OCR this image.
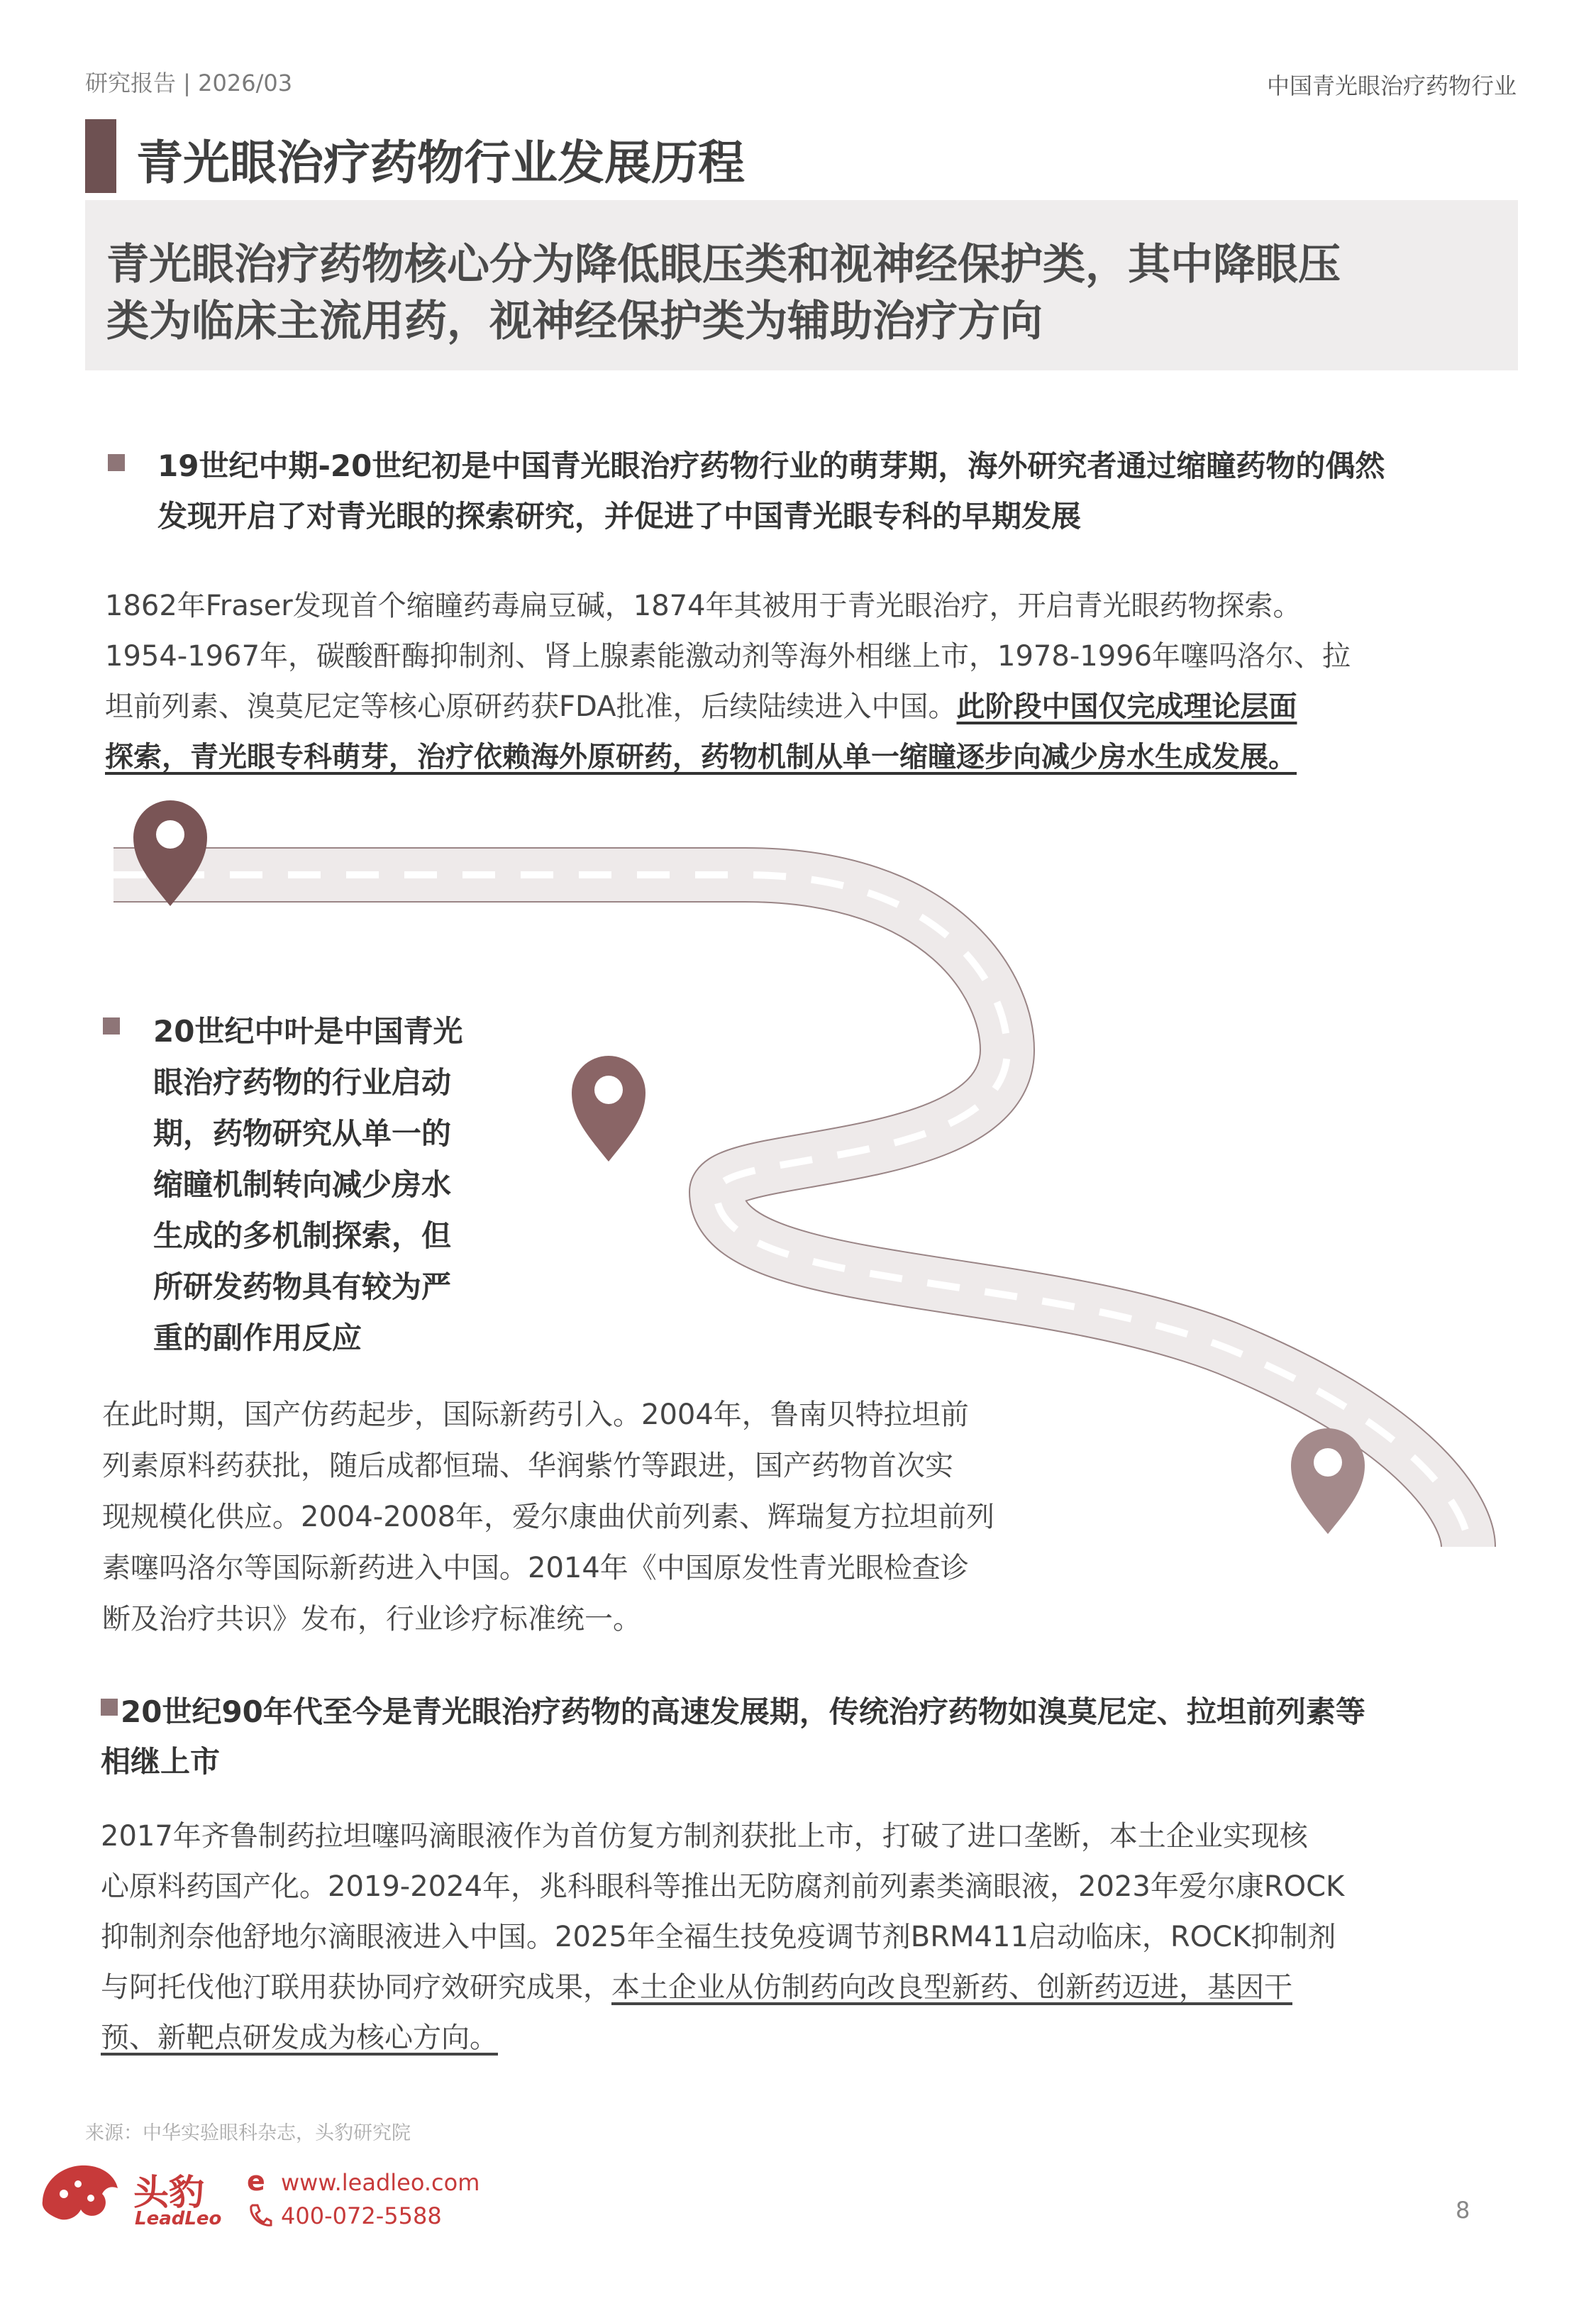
研究报告 | 2026/03	中国青光眼治疗药物行业
青光眼治疗药物行业发展历程
青光眼治疗药物核心分为降低眼压类和视神经保护类，其中降眼压
类为临床主流用药，视神经保护类为辅助治疗方向
19世纪中期-20世纪初是中国青光眼治疗药物行业的萌芽期，海外研究者通过缩瞳药物的偶然
发现开启了对青光眼的探索研究，并促进了中国青光眼专科的早期发展
1862年Fraser发现首个缩瞳药毒扁豆碱，1874年其被用于青光眼治疗，开启青光眼药物探索。
1954-1967年，碳酸酐酶抑制剂、肾上腺素能激动剂等海外相继上市，1978-1996年噻吗洛尔、拉
坦前列素、溴莫尼定等核心原研药获FDA批准，后续陆续进入中国。此阶段中国仅完成理论层面
探索，青光眼专科萌芽，治疗依赖海外原研药，药物机制从单一缩瞳逐步向减少房水生成发展。
20世纪中叶是中国青光
眼治疗药物的行业启动
期，药物研究从单一的
缩瞳机制转向减少房水
生成的多机制探索，但
所研发药物具有较为严
重的副作用反应
在此时期，国产仿药起步，国际新药引入。2004年，鲁南贝特拉坦前
列素原料药获批，随后成都恒瑞、华润紫竹等跟进，国产药物首次实
现规模化供应。2004-2008年，爱尔康曲伏前列素、辉瑞复方拉坦前列
素噻吗洛尔等国际新药进入中国。2014年《中国原发性青光眼检查诊
断及治疗共识》发布，行业诊疗标准统一。
20世纪90年代至今是青光眼治疗药物的高速发展期，传统治疗药物如溴莫尼定、拉坦前列素等
相继上市
2017年齐鲁制药拉坦噻吗滴眼液作为首仿复方制剂获批上市，打破了进口垄断，本土企业实现核
心原料药国产化。2019-2024年，兆科眼科等推出无防腐剂前列素类滴眼液，2023年爱尔康ROCK
抑制剂奈他舒地尔滴眼液进入中国。2025年全福生技免疫调节剂BRM411启动临床，ROCK抑制剂
与阿托伐他汀联用获协同疗效研究成果，本土企业从仿制药向改良型新药、创新药迈进，基因干
预、新靶点研发成为核心方向。
来源：中华实验眼科杂志，头豹研究院
头豹
LeadLeo
e www.leadleo.com
400-072-5588	8
